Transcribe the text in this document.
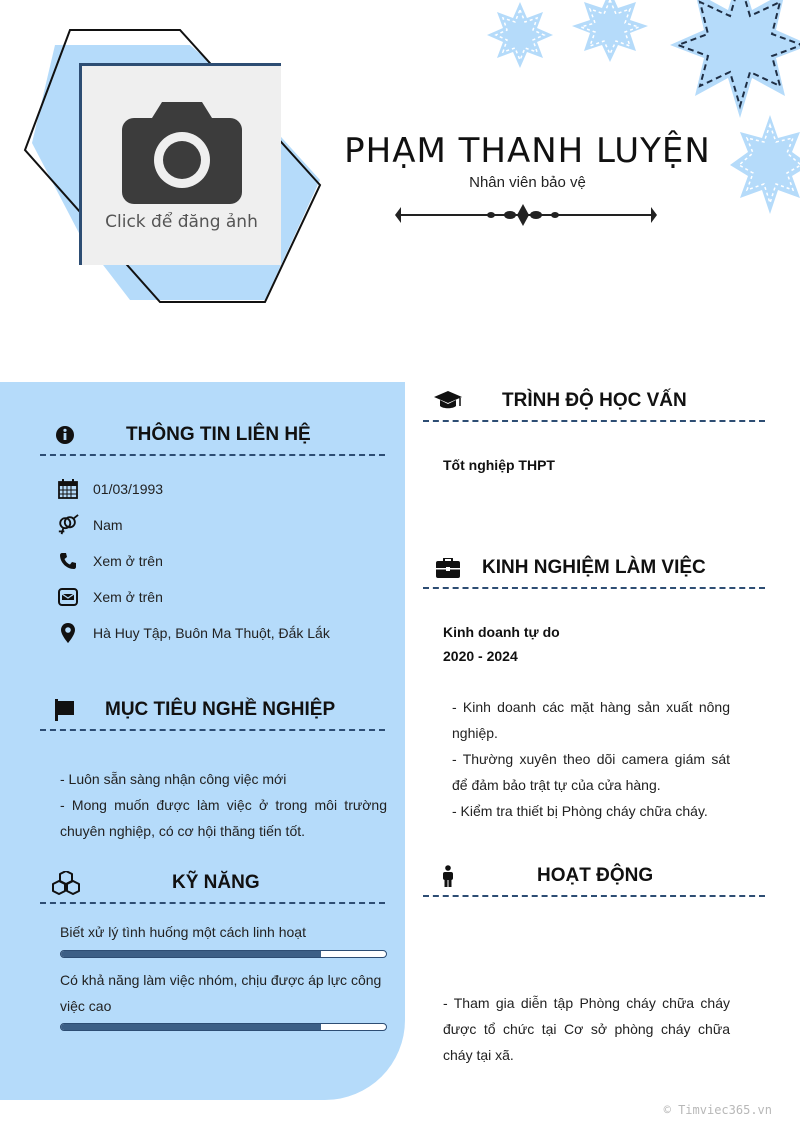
Click để đăng ảnh
PHẠM THANH LUYỆN
Nhân viên bảo vệ
THÔNG TIN LIÊN HỆ
01/03/1993
Nam
Xem ở trên
Xem ở trên
Hà Huy Tập, Buôn Ma Thuột, Đắk Lắk
MỤC TIÊU NGHỀ NGHIỆP

- Luôn sẵn sàng nhận công việc mới

- Mong muốn được làm việc ở trong môi trường chuyên nghiệp, có cơ hội thăng tiến tốt.

KỸ NĂNG
Biết xử lý tình huống một cách linh hoạt
Có khả năng làm việc nhóm, chịu được áp lực công việc cao
TRÌNH ĐỘ HỌC VẤN
Tốt nghiệp THPT
KINH NGHIỆM LÀM VIỆC
Kinh doanh tự do
2020 - 2024

- Kinh doanh các mặt hàng sản xuất nông nghiệp.

- Thường xuyên theo dõi camera giám sát để đảm bảo trật tự của cửa hàng.

- Kiểm tra thiết bị Phòng cháy chữa cháy.

HOẠT ĐỘNG
- Tham gia diễn tập Phòng cháy chữa cháy được tổ chức tại Cơ sở phòng cháy chữa cháy tại xã.
© Timviec365.vn
